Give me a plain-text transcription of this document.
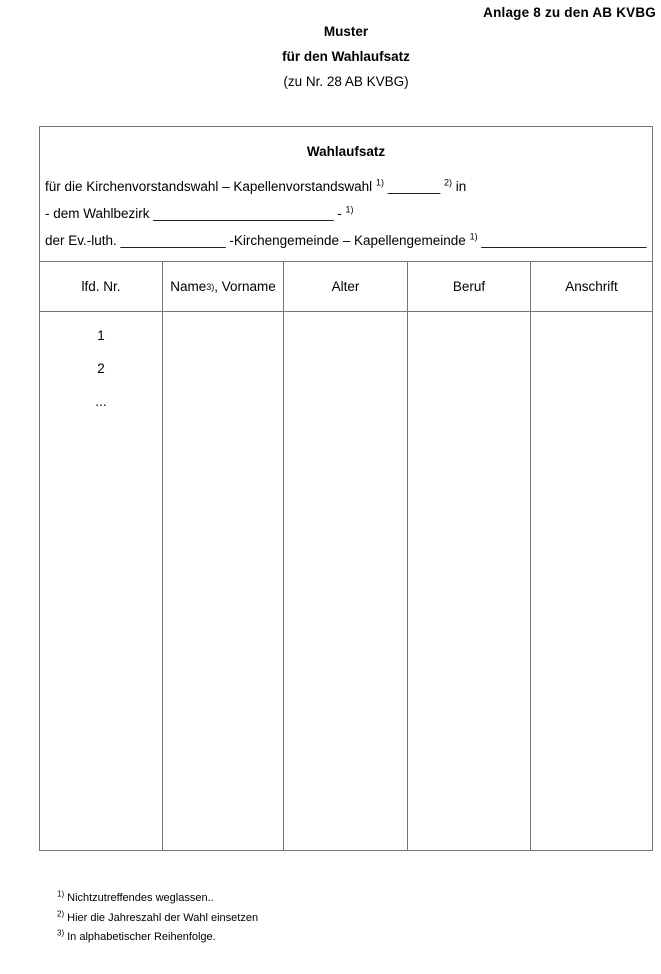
Anlage 8 zu den AB KVBG
Muster
für den Wahlaufsatz
(zu Nr. 28 AB KVBG)
Wahlaufsatz
für die Kirchenvorstandswahl – Kapellenvorstandswahl $^{1)}$ _______ $^{2)}$ in
- dem Wahlbezirk ________________________ - $^{1)}$
der Ev.-luth. ______________ -Kirchengemeinde – Kapellengemeinde $^{1)}$ ______________________
lfd. Nr.	Name 3) , Vorname	Alter	Beruf	Anschrift
1
2
...
$^{1)}$ Nichtzutreffendes weglassen..
$^{2)}$ Hier die Jahreszahl der Wahl einsetzen
$^{3)}$ In alphabetischer Reihenfolge.
